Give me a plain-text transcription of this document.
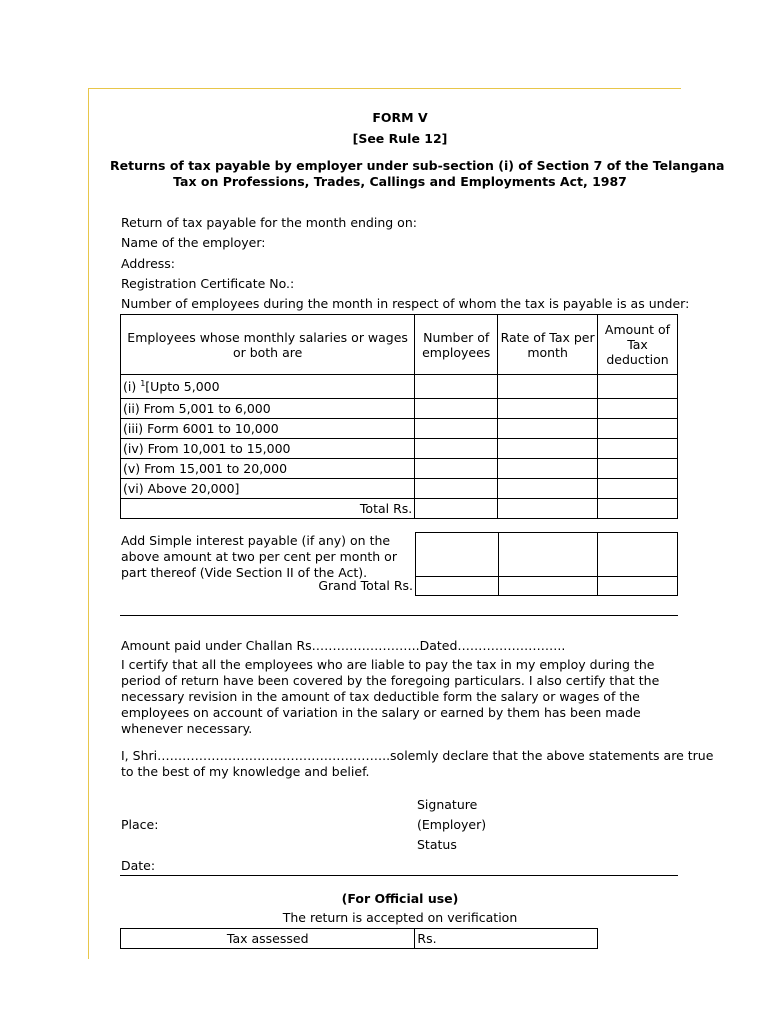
FORM V
[See Rule 12]
Returns of tax payable by employer under sub-section (i) of Section 7 of the Telangana
Tax on Professions, Trades, Callings and Employments Act, 1987
Return of tax payable for the month ending on:
Name of the employer:
Address:
Registration Certificate No.:
Number of employees during the month in respect of whom the tax is payable is as under:
Employees whose monthly salaries or wages or both are	Number of employees	Rate of Tax per month	Amount of Tax deduction
(i) $^1$[Upto 5,000			
(ii) From 5,001 to 6,000			
(iii) Form 6001 to 10,000			
(iv) From 10,001 to 15,000			
(v) From 15,001 to 20,000			
(vi) Above 20,000]			
Total Rs.			
Add Simple interest payable (if any) on the above amount at two per cent per month or part thereof (Vide Section II of the Act).
Grand Total Rs.

Amount paid under Challan Rs……………………..Dated……………………..
I certify that all the employees who are liable to pay the tax in my employ during the period of return have been covered by the foregoing particulars. I also certify that the necessary revision in the amount of tax deductible form the salary or wages of the employees on account of variation in the salary or earned by them has been made whenever necessary.
I, Shri………………………………………………..solemly declare that the above statements are true
to the best of my knowledge and belief.
Signature
Place:	(Employer)
Status
Date:
(For Official use)
The return is accepted on verification
Tax assessed	Rs.
